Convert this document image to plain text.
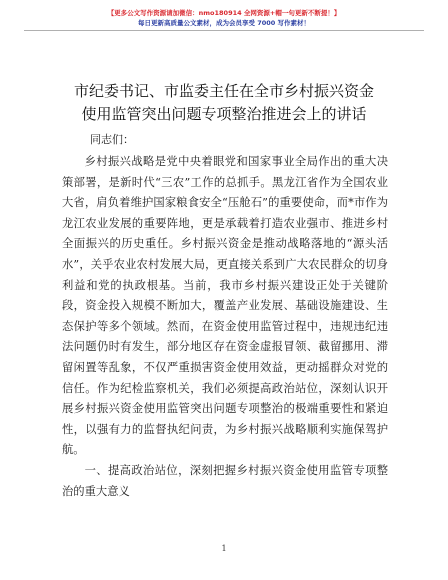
【更多公文写作资源请加微信：nmo180914 全网资源+帽一句更新不断提！】
每日更新高质量公文素材，成为会员享受 7000 写作素材！
市纪委书记、市监委主任在全市乡村振兴资金
使用监管突出问题专项整治推进会上的讲话
同志们：

乡村振兴战略是党中央着眼党和国家事业全局作出的重大决策部署，是新时代“三农”工作的总抓手。黑龙江省作为全国农业大省，肩负着维护国家粮食安全“压舱石”的重要使命，而*市作为龙江农业发展的重要阵地，更是承载着打造农业强市、推进乡村全面振兴的历史重任。乡村振兴资金是推动战略落地的“源头活水”，关乎农业农村发展大局，更直接关系到广大农民群众的切身利益和党的执政根基。当前，我市乡村振兴建设正处于关键阶段，资金投入规模不断加大，覆盖产业发展、基础设施建设、生态保护等多个领域。然而，在资金使用监管过程中，违规违纪违法问题仍时有发生，部分地区存在资金虚报冒领、截留挪用、滞留闲置等乱象，不仅严重损害资金使用效益，更动摇群众对党的信任。作为纪检监察机关，我们必须提高政治站位，深刻认识开展乡村振兴资金使用监管突出问题专项整治的极端重要性和紧迫性，以强有力的监督执纪问责，为乡村振兴战略顺利实施保驾护航。

一、提高政治站位，深刻把握乡村振兴资金使用监管专项整治的重大意义

1
